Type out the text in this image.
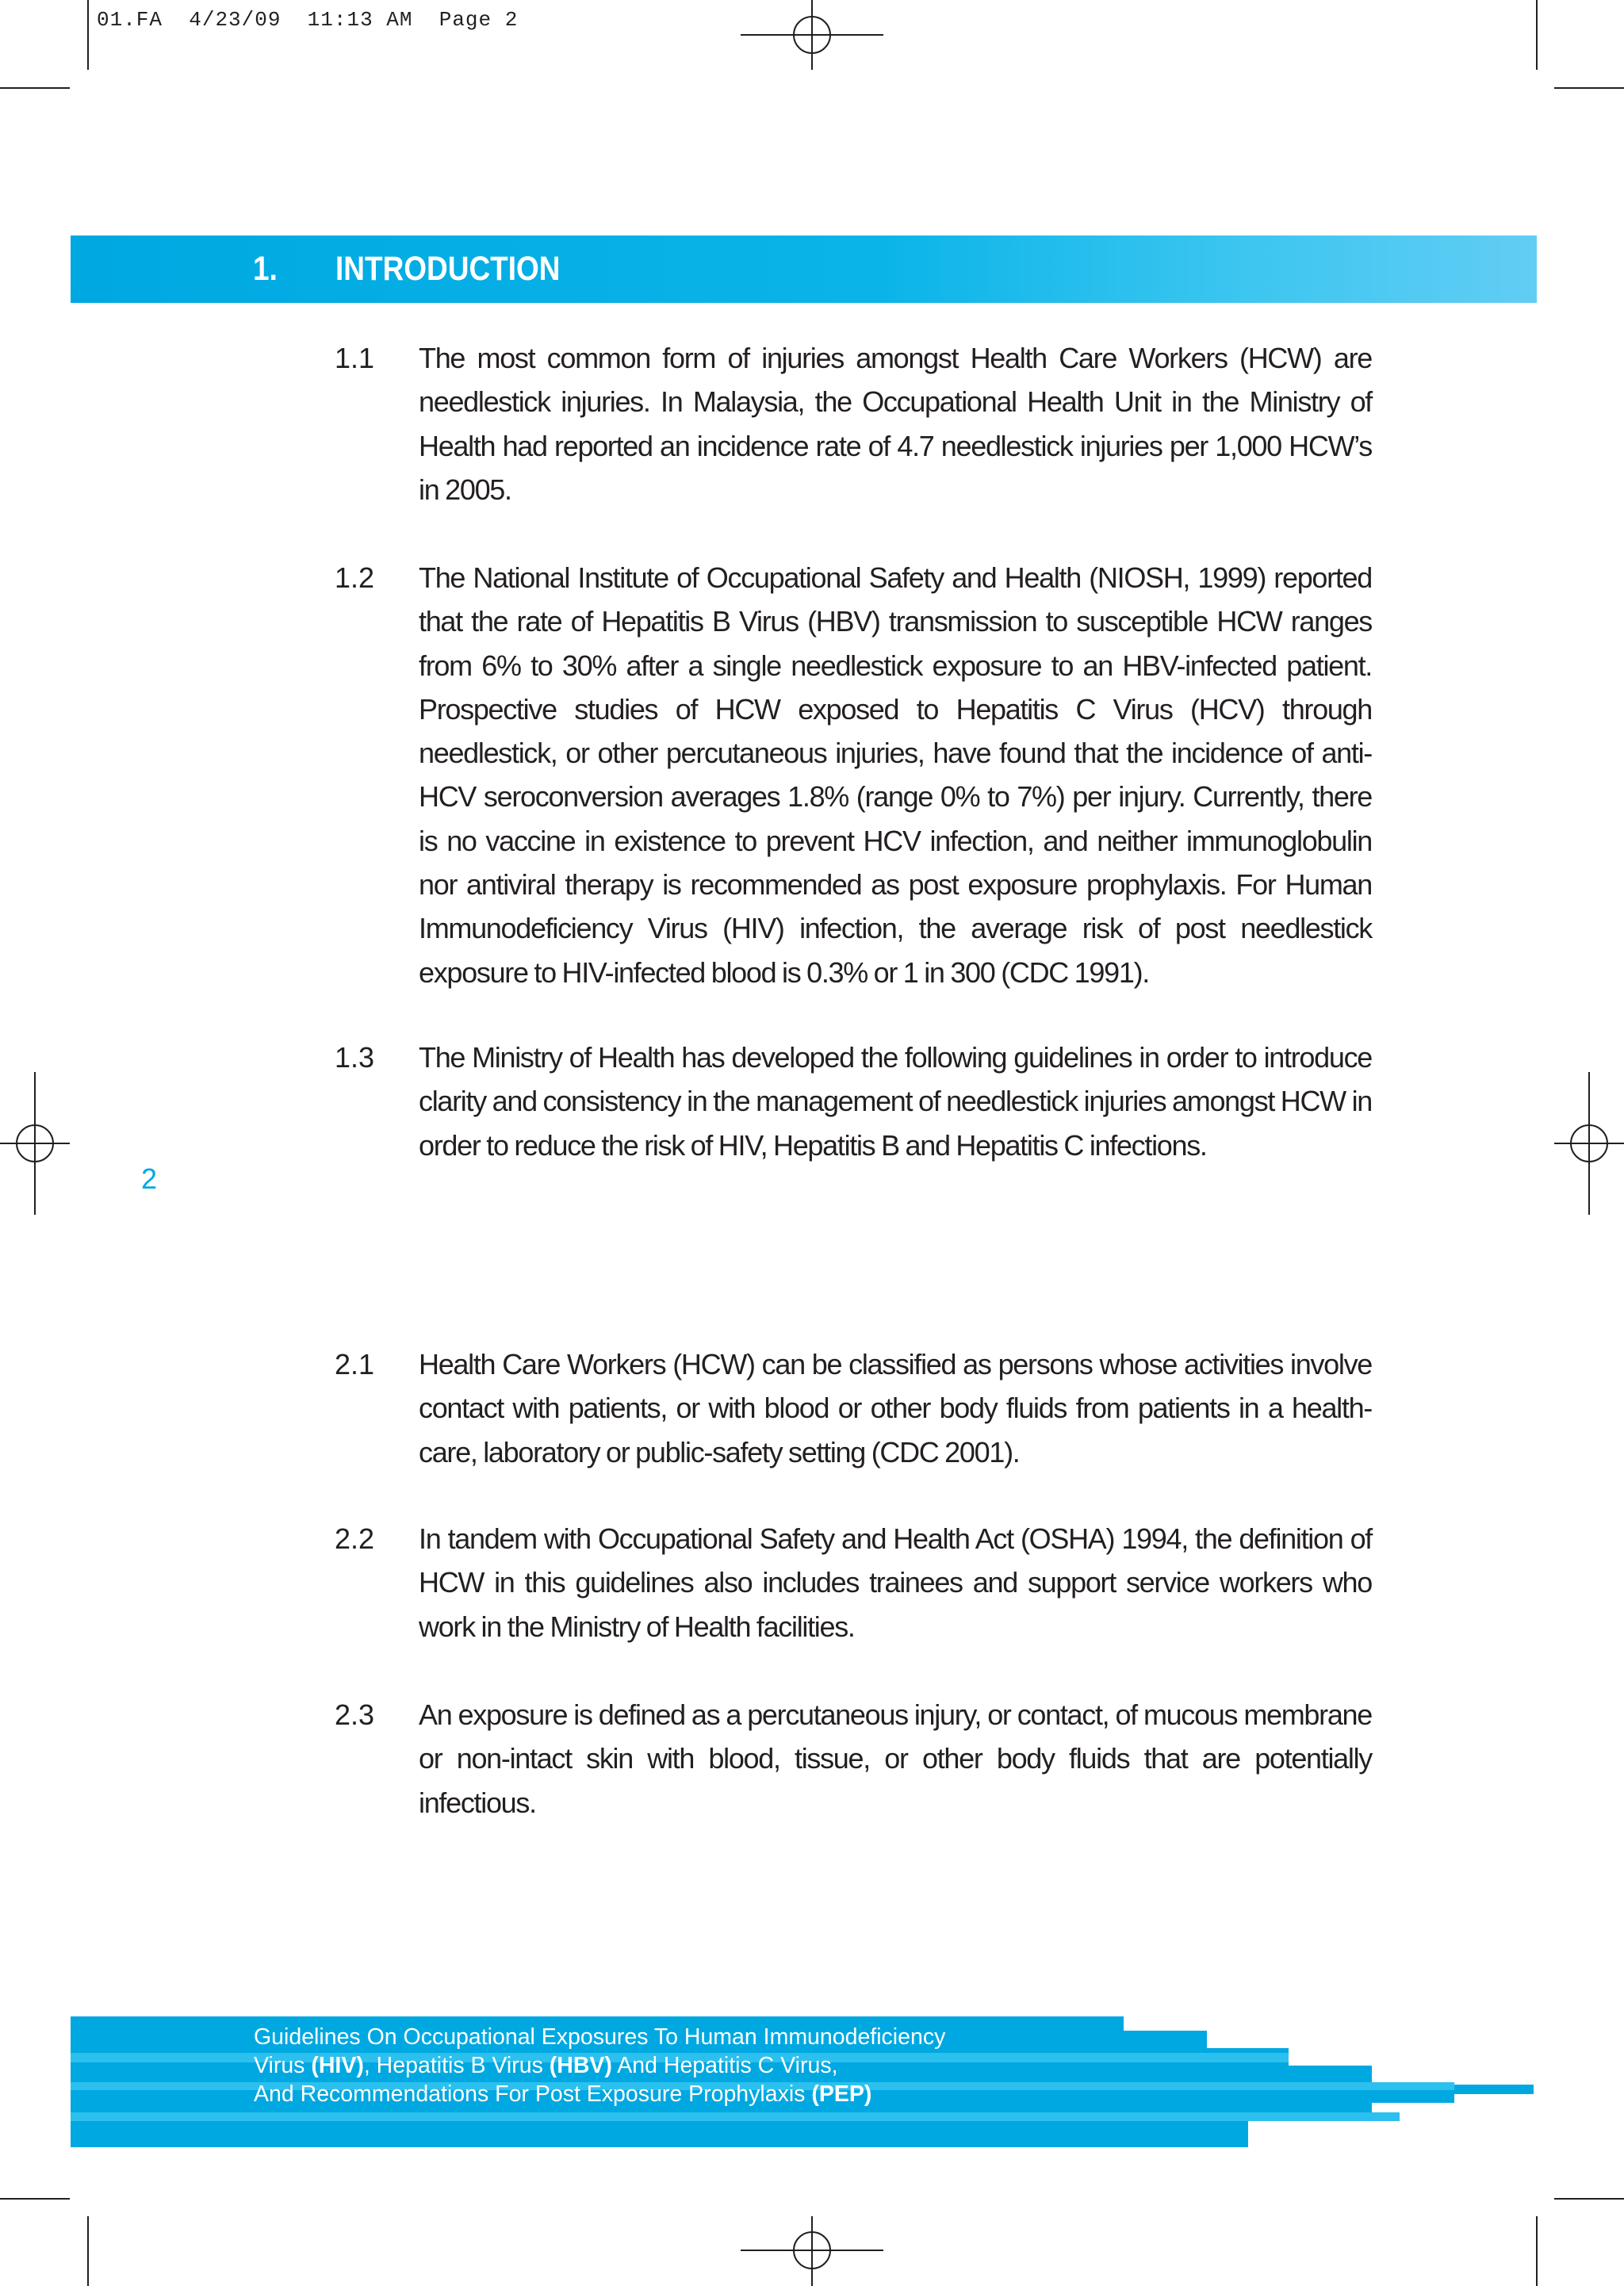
01.FA 4/23/09 11:13 AM Page 2
1. INTRODUCTION
1.1	The most common form of injuries amongst Health Care Workers (HCW) are needlestick injuries. In Malaysia, the Occupational Health Unit in the Ministry of Health had reported an incidence rate of 4.7 needlestick injuries per 1,000 HCW’s in 2005.
1.2	The National Institute of Occupational Safety and Health (NIOSH, 1999) reported that the rate of Hepatitis B Virus (HBV) transmission to susceptible HCW ranges from 6% to 30% after a single needlestick exposure to an HBV-infected patient. Prospective studies of HCW exposed to Hepatitis C Virus (HCV) through needlestick, or other percutaneous injuries, have found that the incidence of anti-HCV seroconversion averages 1.8% (range 0% to 7%) per injury. Currently, there is no vaccine in existence to prevent HCV infection, and neither immunoglobulin nor antiviral therapy is recommended as post exposure prophylaxis. For Human Immunodeficiency Virus (HIV) infection, the average risk of post needlestick exposure to HIV-infected blood is 0.3% or 1 in 300 (CDC 1991).
1.3	The Ministry of Health has developed the following guidelines in order to introduce clarity and consistency in the management of needlestick injuries amongst HCW in order to reduce the risk of HIV, Hepatitis B and Hepatitis C infections.
2
2.1	Health Care Workers (HCW) can be classified as persons whose activities involve contact with patients, or with blood or other body fluids from patients in a health-care, laboratory or public-safety setting (CDC 2001).
2.2	In tandem with Occupational Safety and Health Act (OSHA) 1994, the definition of HCW in this guidelines also includes trainees and support service workers who work in the Ministry of Health facilities.
2.3	An exposure is defined as a percutaneous injury, or contact, of mucous membrane or non-intact skin with blood, tissue, or other body fluids that are potentially infectious.
Guidelines On Occupational Exposures To Human Immunodeficiency
Virus (HIV), Hepatitis B Virus (HBV) And Hepatitis C Virus,
And Recommendations For Post Exposure Prophylaxis (PEP)
